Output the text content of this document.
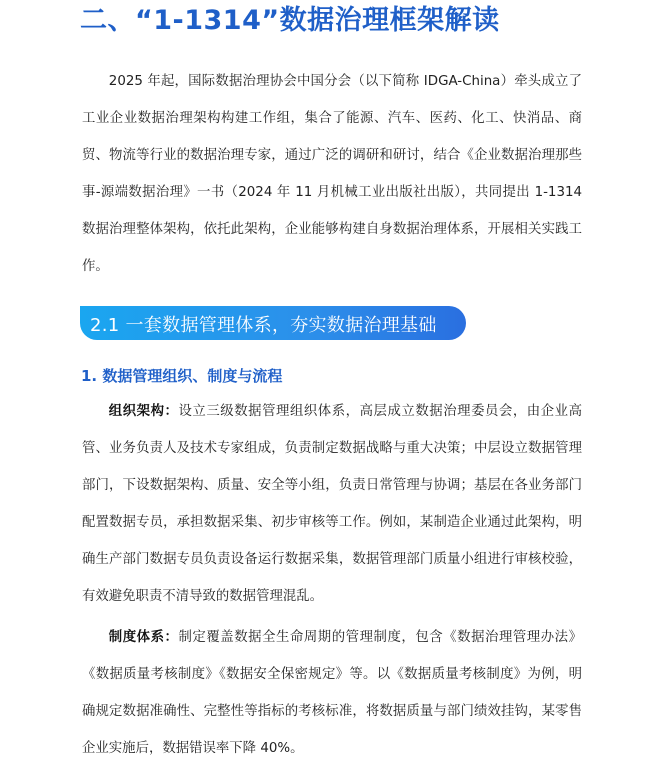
二、“1-1314”数据治理框架解读

2025 年起，国际数据治理协会中国分会（以下简称 IDGA-China）牵头成立了工业企业数据治理架构构建工作组，集合了能源、汽车、医药、化工、快消品、商贸、物流等行业的数据治理专家，通过广泛的调研和研讨，结合《企业数据治理那些事-源端数据治理》一书（2024 年 11 月机械工业出版社出版），共同提出 1-1314 数据治理整体架构，依托此架构，企业能够构建自身数据治理体系，开展相关实践工作。

2.1 一套数据管理体系，夯实数据治理基础
1. 数据管理组织、制度与流程

组织架构：设立三级数据管理组织体系，高层成立数据治理委员会，由企业高管、业务负责人及技术专家组成，负责制定数据战略与重大决策；中层设立数据管理部门，下设数据架构、质量、安全等小组，负责日常管理与协调；基层在各业务部门配置数据专员，承担数据采集、初步审核等工作。例如，某制造企业通过此架构，明确生产部门数据专员负责设备运行数据采集，数据管理部门质量小组进行审核校验，有效避免职责不清导致的数据管理混乱。

制度体系：制定覆盖数据全生命周期的管理制度，包含《数据治理管理办法》《数据质量考核制度》《数据安全保密规定》等。以《数据质量考核制度》为例，明确规定数据准确性、完整性等指标的考核标准，将数据质量与部门绩效挂钩，某零售企业实施后，数据错误率下降 40%。
